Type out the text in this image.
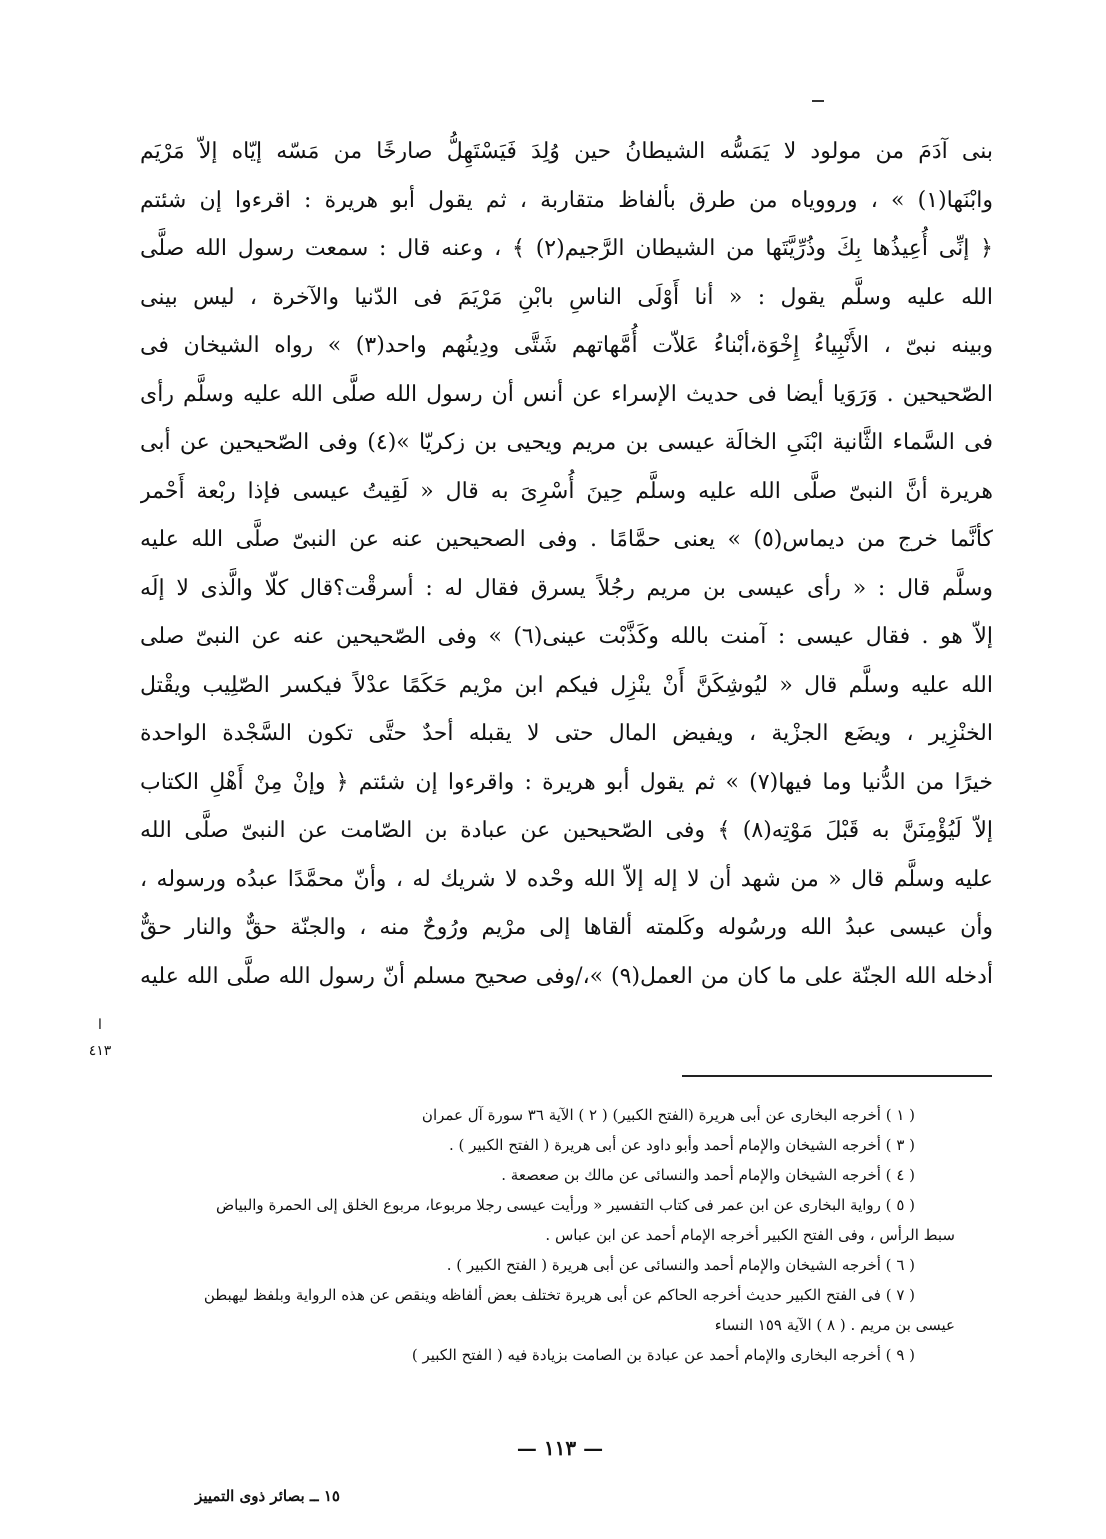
بنى آدَمَ من مولود لا يَمَسُّه الشيطانُ حين وُلِدَ فَيَسْتَهِلُّ صارخًا من مَسّه إيّاه إلاّ مَرْيَم
وابْنَها(١) » ، ورووياه من طرق بألفاظ متقاربة ، ثم يقول أبو هريرة : اقرءوا إن شئتم
﴿ إنِّى أُعِيذُها بِكَ وذُرِّيَّتَها من الشيطان الرَّجيم(٢) ﴾ ، وعنه قال : سمعت رسول الله صلَّى
الله عليه وسلَّم يقول : « أنا أَوْلَى الناسِ بابْنِ مَرْيَمَ فى الدّنيا والآخرة ، ليس بينى
وبينه نبىّ ، الأَنْبِياءُ إِخْوَة،أبْناءُ عَلاّت أُمَّهاتهم شَتَّى ودِينُهم واحد(٣) » رواه الشيخان فى
الصّحيحين . وَرَوَيا أيضا فى حديث الإسراء عن أنس أن رسول الله صلَّى الله عليه وسلَّم رأى
فى السَّماء الثَّانية ابْنَىِ الخالَة عيسى بن مريم ويحيى بن زكريّا »(٤) وفى الصّحيحين عن أبى
هريرة أنَّ النبىّ صلَّى الله عليه وسلَّم حِينَ أُسْرِىَ به قال « لَقِيتُ عيسى فإذا ربْعة أَحْمر
كأنَّما خرج من ديماس(٥) » يعنى حمَّامًا . وفى الصحيحين عنه عن النبىّ صلَّى الله عليه
وسلَّم قال : « رأى عيسى بن مريم رجُلاً يسرق فقال له : أسرقْت؟قال كلّا والَّذى لا إلَه
إلاّ هو . فقال عيسى : آمنت بالله وكَذَّبْت عينى(٦) » وفى الصّحيحين عنه عن النبىّ صلى
الله عليه وسلَّم قال « ليُوشِكَنَّ أَنْ ينْزِل فيكم ابن مرْيم حَكَمًا عدْلاً فيكسر الصّلِيب ويقْتل
الخنْزِير ، ويضَع الجزْية ، ويفيض المال حتى لا يقبله أحدٌ حتَّى تكون السَّجْدة الواحدة
خيرًا من الدُّنيا وما فيها(٧) » ثم يقول أبو هريرة : واقرءوا إن شئتم ﴿ وإنْ مِنْ أَهْلِ الكتاب
إلاّ لَيُؤْمِنَنَّ به قَبْلَ مَوْتِه(٨) ﴾ وفى الصّحيحين عن عبادة بن الصّامت عن النبىّ صلَّى الله
عليه وسلَّم قال « من شهد أن لا إله إلاّ الله وحْده لا شريك له ، وأنّ محمَّدًا عبدُه ورسوله ،
وأن عيسى عبدُ الله ورسُوله وكَلمته ألقاها إلى مرْيم ورُوحٌ منه ، والجنّة حقٌّ والنار حقٌّ
أدخله الله الجنّة على ما كان من العمل(٩) »،/وفى صحيح مسلم أنّ رسول الله صلَّى الله عليه
ا
٤١٣
( ١ ) أخرجه البخارى عن أبى هريرة (الفتح الكبير) ( ٢ ) الآية ٣٦ سورة آل عمران
( ٣ ) أخرجه الشيخان والإمام أحمد وأبو داود عن أبى هريرة ( الفتح الكبير ) .
( ٤ ) أخرجه الشيخان والإمام أحمد والنسائى عن مالك بن صعصعة .
( ٥ ) رواية البخارى عن ابن عمر فى كتاب التفسير « ورأيت عيسى رجلا مربوعا، مربوع الخلق إلى الحمرة والبياض
سبط الرأس ، وفى الفتح الكبير أخرجه الإمام أحمد عن ابن عباس .
( ٦ ) أخرجه الشيخان والإمام أحمد والنسائى عن أبى هريرة ( الفتح الكبير ) .
( ٧ ) فى الفتح الكبير حديث أخرجه الحاكم عن أبى هريرة تختلف بعض ألفاظه وينقص عن هذه الرواية وبلفظ ليهبطن
عيسى بن مريم . ( ٨ ) الآية ١٥٩ النساء
( ٩ ) أخرجه البخارى والإمام أحمد عن عبادة بن الصامت بزيادة فيه ( الفتح الكبير )
— ١١٣ —
١٥ ــ بصائر ذوى التمييز
